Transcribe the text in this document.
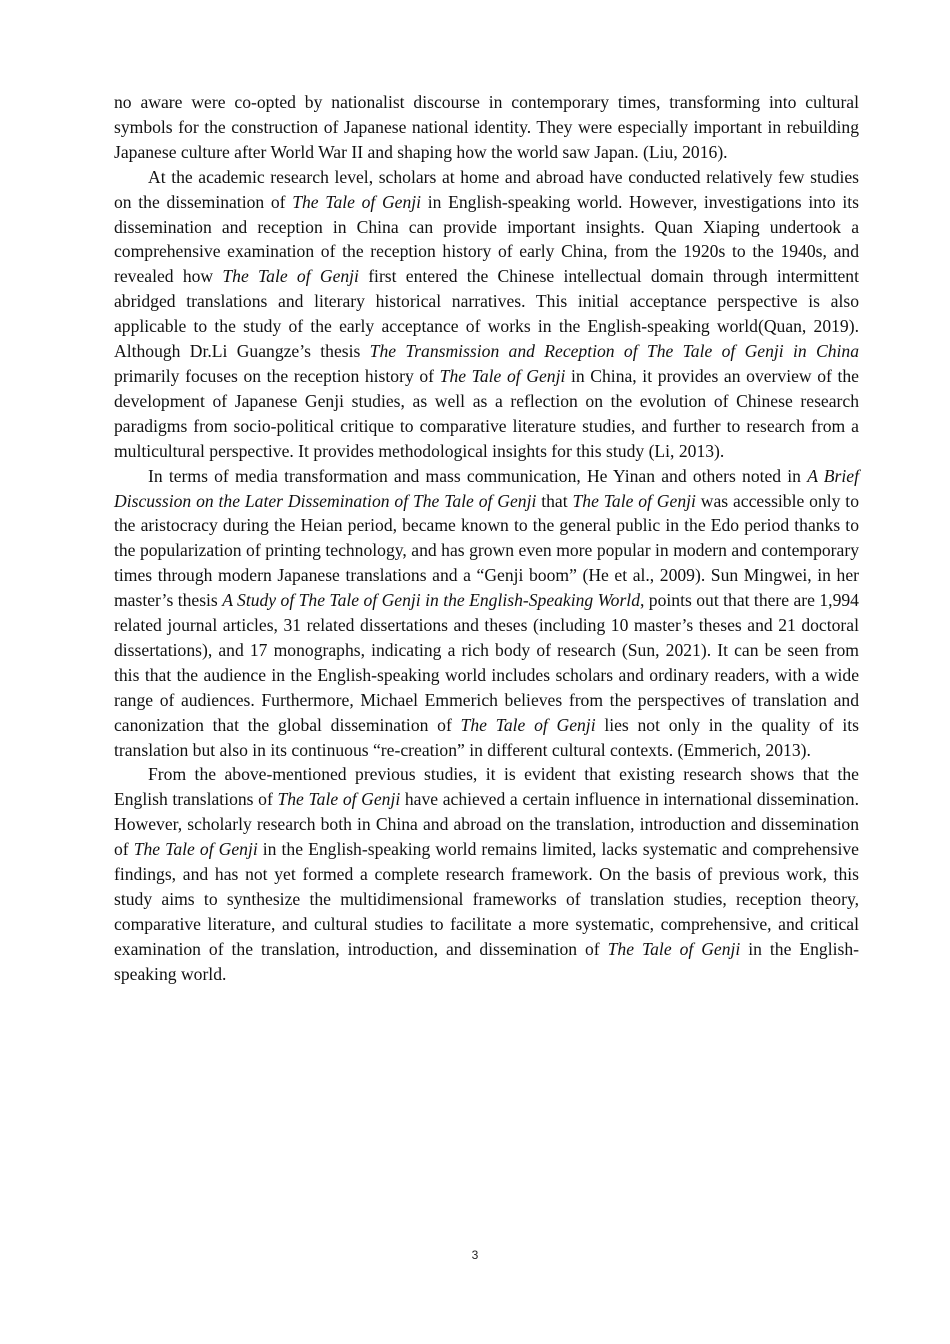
no aware were co-opted by nationalist discourse in contemporary times, transforming into cultural symbols for the construction of Japanese national identity. They were especially important in rebuilding Japanese culture after World War II and shaping how the world saw Japan. (Liu, 2016).

At the academic research level, scholars at home and abroad have conducted relatively few studies on the dissemination of The Tale of Genji in English-speaking world. However, investigations into its dissemination and reception in China can provide important insights. Quan Xiaping undertook a comprehensive examination of the reception history of early China, from the 1920s to the 1940s, and revealed how The Tale of Genji first entered the Chinese intellectual domain through intermittent abridged translations and literary historical narratives. This initial acceptance perspective is also applicable to the study of the early acceptance of works in the English-speaking world(Quan, 2019). Although Dr.Li Guangze’s thesis The Transmission and Reception of The Tale of Genji in China primarily focuses on the reception history of The Tale of Genji in China, it provides an overview of the development of Japanese Genji studies, as well as a reflection on the evolution of Chinese research paradigms from socio-political critique to comparative literature studies, and further to research from a multicultural perspective. It provides methodological insights for this study (Li, 2013).

In terms of media transformation and mass communication, He Yinan and others noted in A Brief Discussion on the Later Dissemination of The Tale of Genji that The Tale of Genji was accessible only to the aristocracy during the Heian period, became known to the general public in the Edo period thanks to the popularization of printing technology, and has grown even more popular in modern and contemporary times through modern Japanese translations and a “Genji boom” (He et al., 2009). Sun Mingwei, in her master’s thesis A Study of The Tale of Genji in the English-Speaking World, points out that there are 1,994 related journal articles, 31 related dissertations and theses (including 10 master’s theses and 21 doctoral dissertations), and 17 monographs, indicating a rich body of research (Sun, 2021). It can be seen from this that the audience in the English-speaking world includes scholars and ordinary readers, with a wide range of audiences. Furthermore, Michael Emmerich believes from the perspectives of translation and canonization that the global dissemination of The Tale of Genji lies not only in the quality of its translation but also in its continuous “re-creation” in different cultural contexts. (Emmerich, 2013).

From the above-mentioned previous studies, it is evident that existing research shows that the English translations of The Tale of Genji have achieved a certain influence in international dissemination. However, scholarly research both in China and abroad on the translation, introduction and dissemination of The Tale of Genji in the English-speaking world remains limited, lacks systematic and comprehensive findings, and has not yet formed a complete research framework. On the basis of previous work, this study aims to synthesize the multidimensional frameworks of translation studies, reception theory, comparative literature, and cultural studies to facilitate a more systematic, comprehensive, and critical examination of the translation, introduction, and dissemination of The Tale of Genji in the English-speaking world.

3
